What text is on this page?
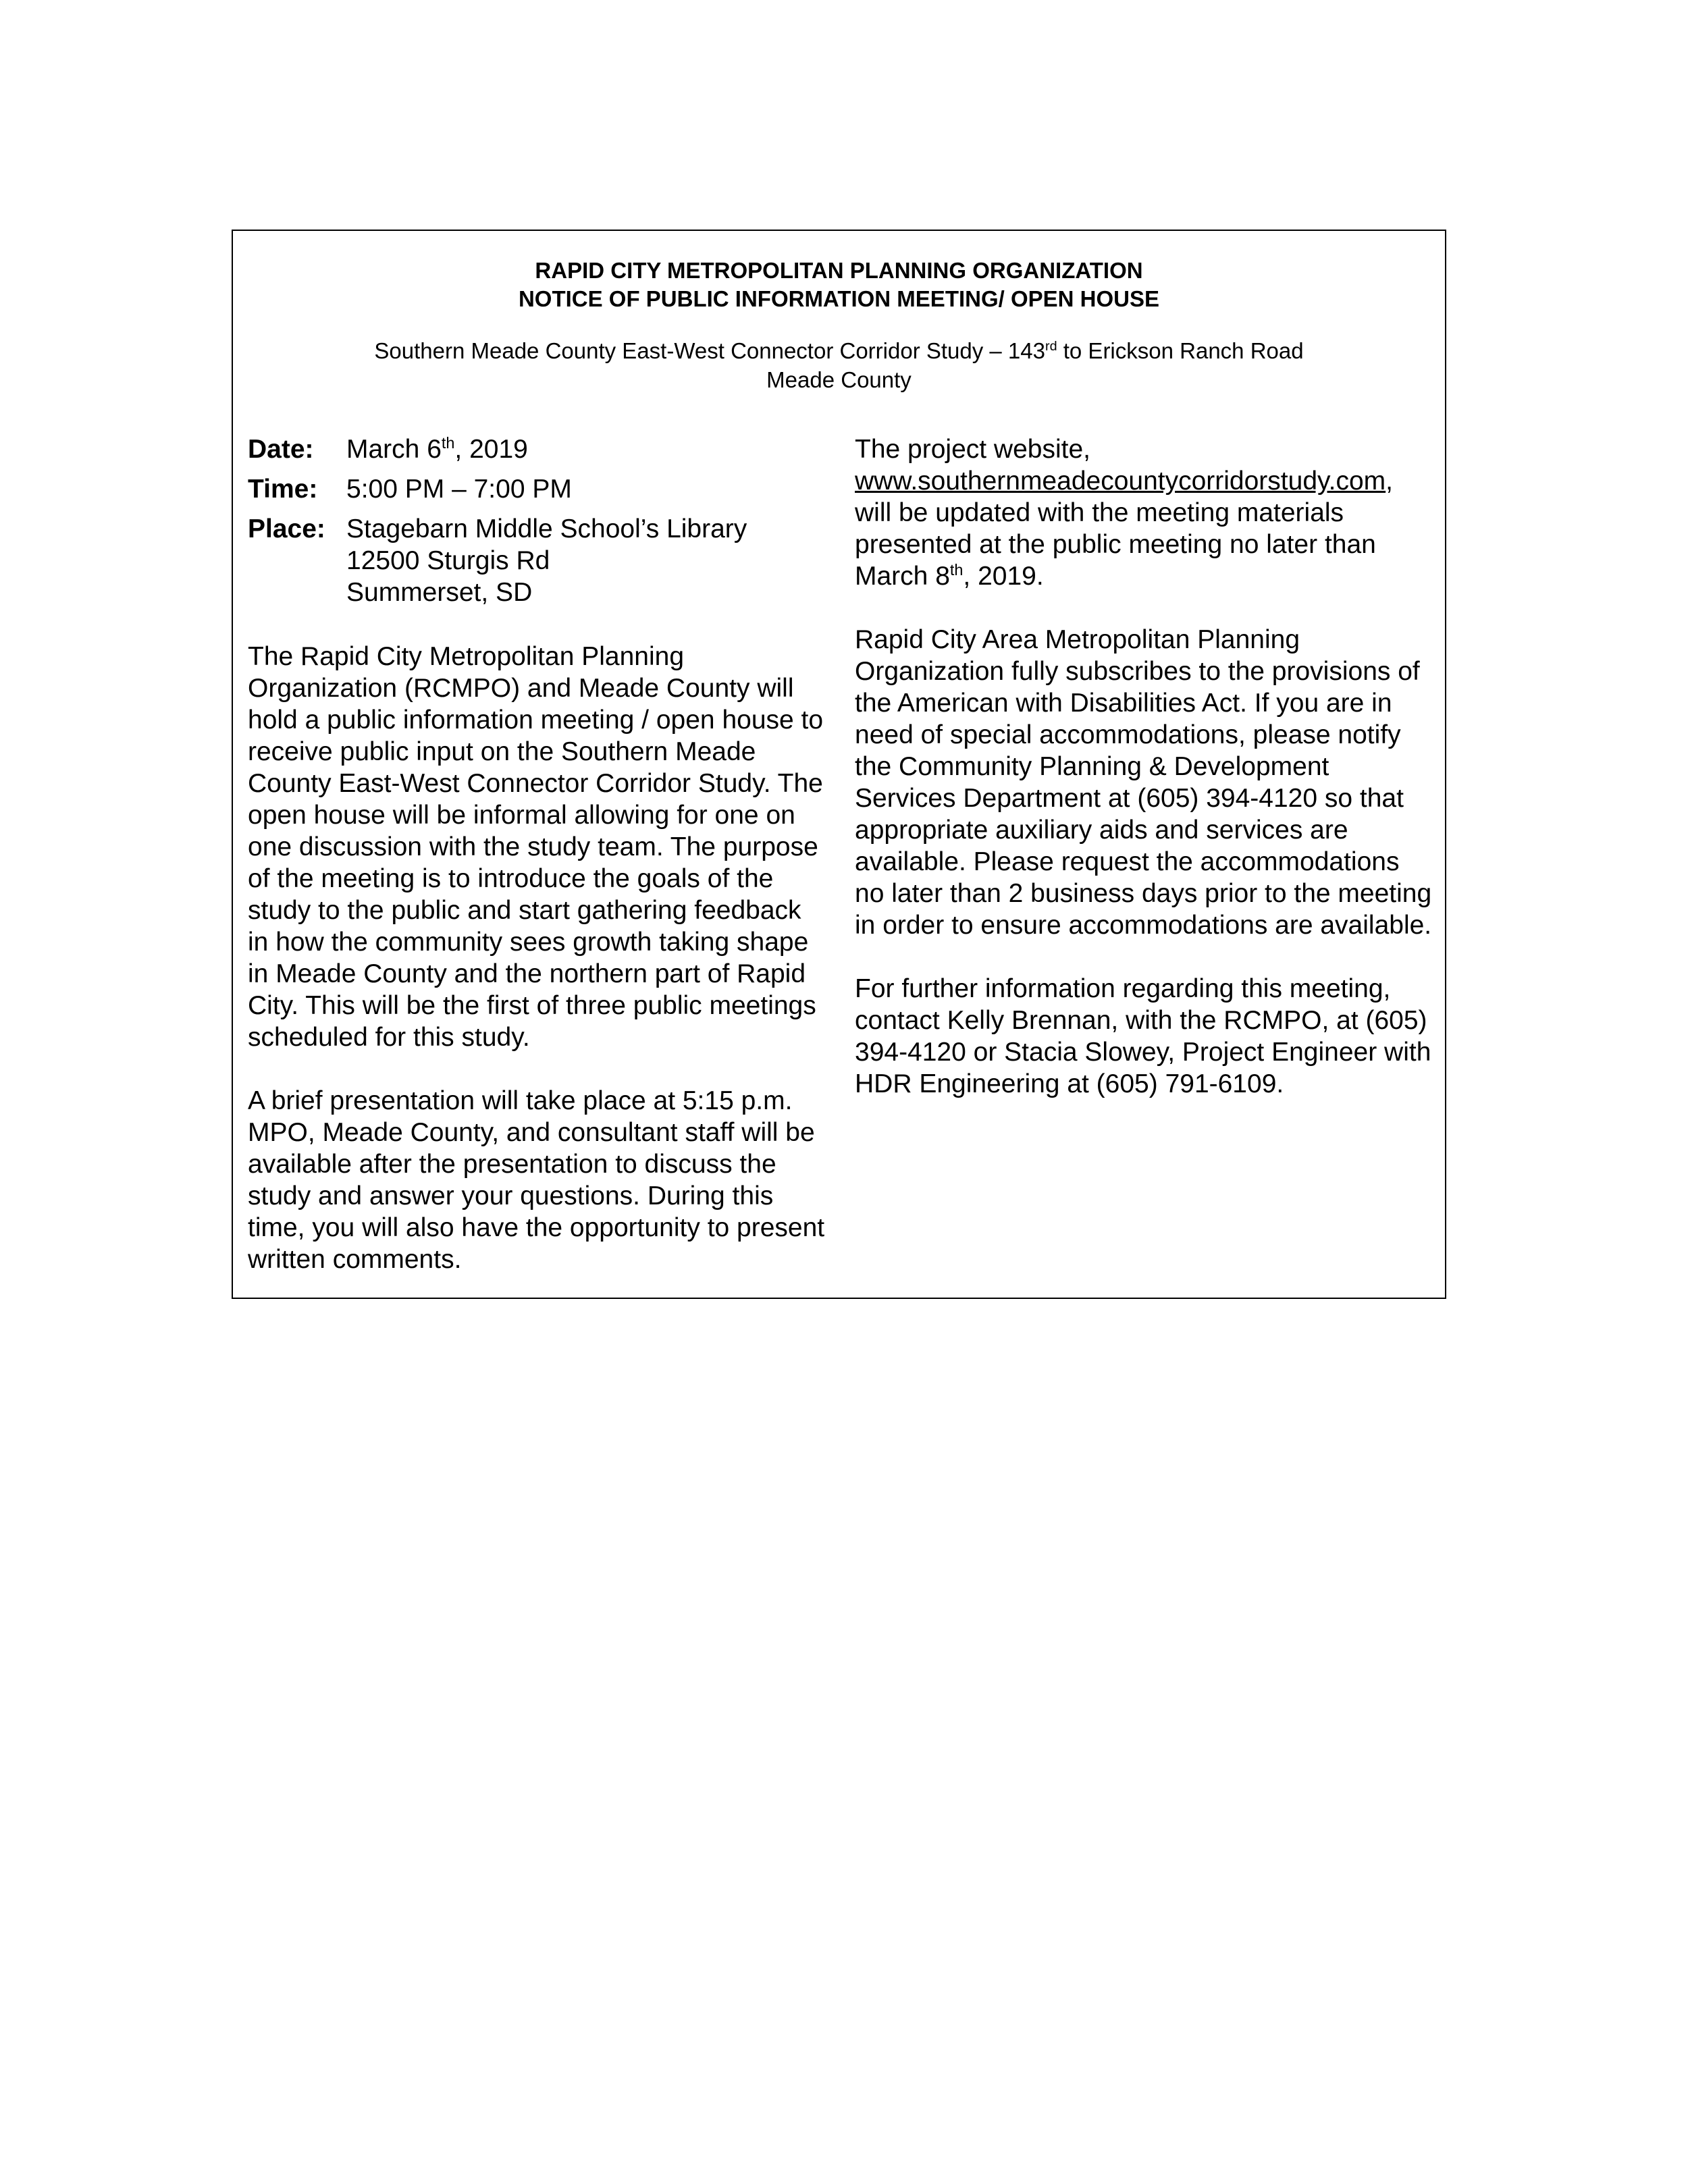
RAPID CITY METROPOLITAN PLANNING ORGANIZATION
NOTICE OF PUBLIC INFORMATION MEETING/ OPEN HOUSE
Southern Meade County East-West Connector Corridor Study – 143rd to Erickson Ranch Road
Meade County
Date:	March 6th, 2019
Time:	5:00 PM – 7:00 PM
Place: Stagebarn Middle School’s Library
12500 Sturgis Rd
Summerset, SD

The Rapid City Metropolitan Planning Organization (RCMPO) and Meade County will hold a public information meeting / open house to receive public input on the Southern Meade County East-West Connector Corridor Study. The open house will be informal allowing for one on one discussion with the study team. The purpose of the meeting is to introduce the goals of the study to the public and start gathering feedback in how the community sees growth taking shape in Meade County and the northern part of Rapid City. This will be the first of three public meetings scheduled for this study.

A brief presentation will take place at 5:15 p.m. MPO, Meade County, and consultant staff will be available after the presentation to discuss the study and answer your questions. During this time, you will also have the opportunity to present written comments.

The project website,
www.southernmeadecountycorridorstudy.com, will be updated with the meeting materials presented at the public meeting no later than March 8th, 2019.

Rapid City Area Metropolitan Planning Organization fully subscribes to the provisions of the American with Disabilities Act. If you are in need of special accommodations, please notify the Community Planning & Development Services Department at (605) 394-4120 so that appropriate auxiliary aids and services are available. Please request the accommodations no later than 2 business days prior to the meeting in order to ensure accommodations are available.

For further information regarding this meeting, contact Kelly Brennan, with the RCMPO, at (605) 394-4120 or Stacia Slowey, Project Engineer with HDR Engineering at (605) 791-6109.
